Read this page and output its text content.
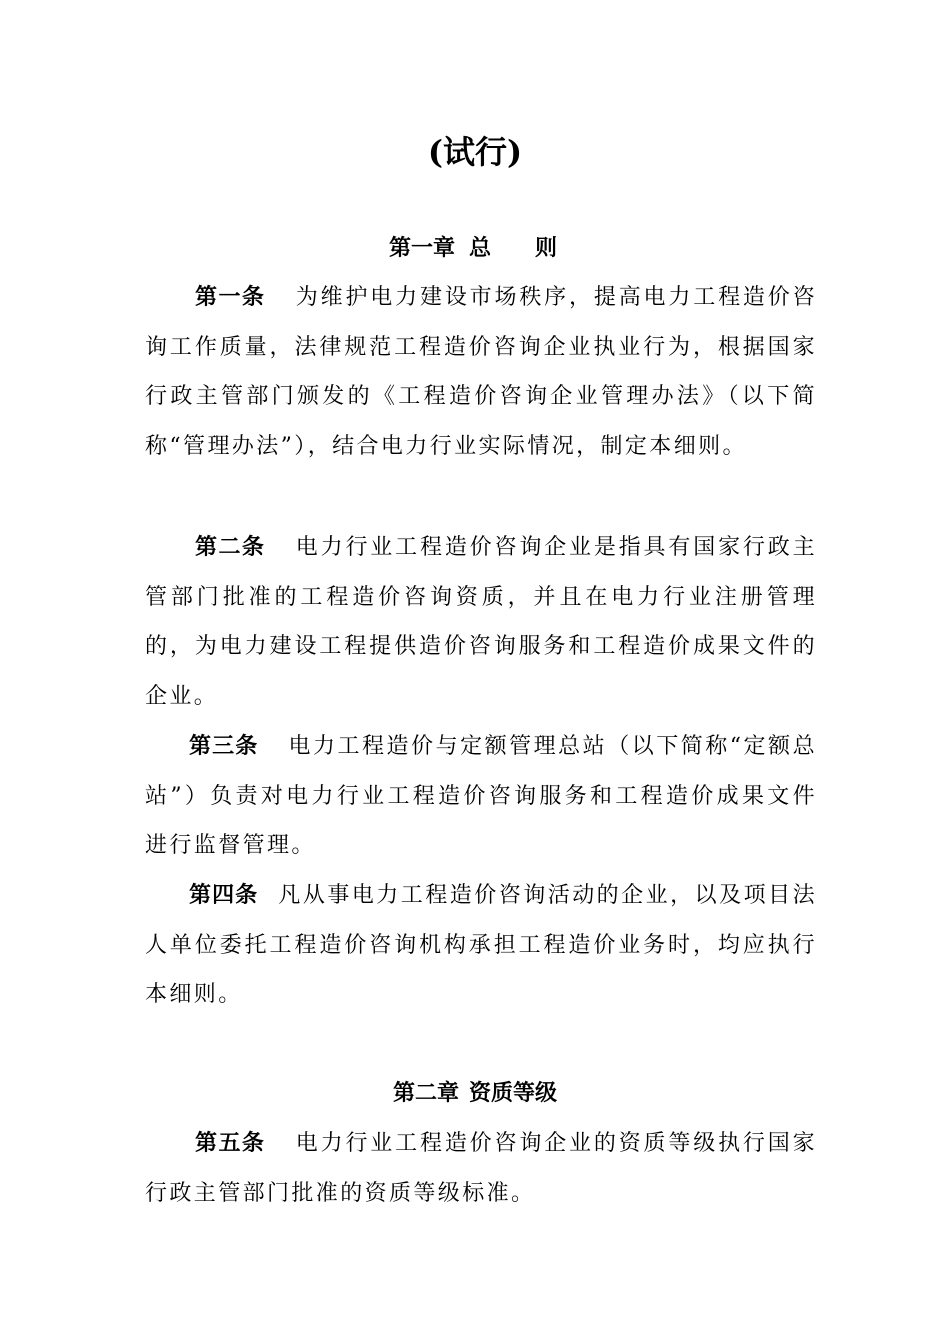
(试行)
第一章 总 则

第一条 为维护电力建设市场秩序，提高电力工程造价咨询工作质量，法律规范工程造价咨询企业执业行为，根据国家行政主管部门颁发的《工程造价咨询企业管理办法》（以下简称“管理办法”），结合电力行业实际情况，制定本细则。

第二条 电力行业工程造价咨询企业是指具有国家行政主管部门批准的工程造价咨询资质，并且在电力行业注册管理的，为电力建设工程提供造价咨询服务和工程造价成果文件的企业。

第三条 电力工程造价与定额管理总站（以下简称“定额总站”）负责对电力行业工程造价咨询服务和工程造价成果文件进行监督管理。

第四条 凡从事电力工程造价咨询活动的企业，以及项目法人单位委托工程造价咨询机构承担工程造价业务时，均应执行本细则。

第二章 资质等级

第五条 电力行业工程造价咨询企业的资质等级执行国家行政主管部门批准的资质等级标准。
